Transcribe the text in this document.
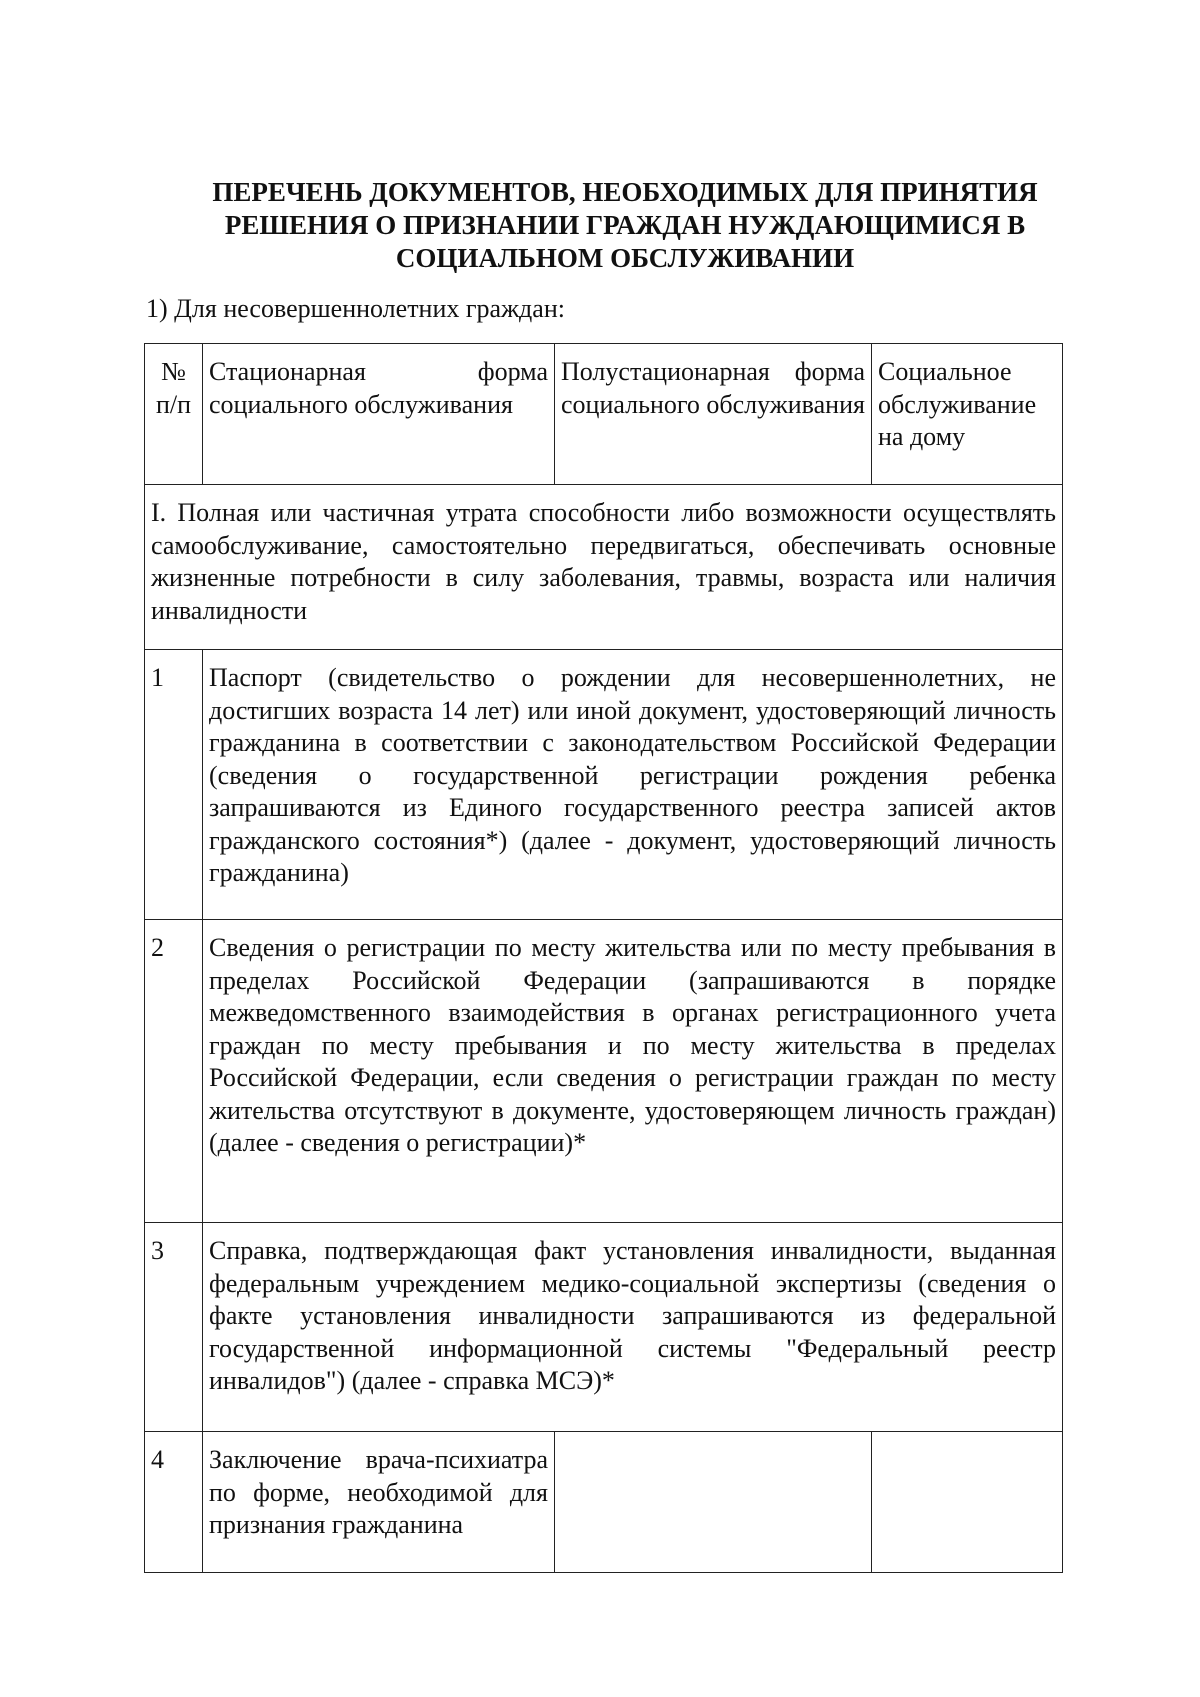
ПЕРЕЧЕНЬ ДОКУМЕНТОВ, НЕОБХОДИМЫХ ДЛЯ ПРИНЯТИЯ
РЕШЕНИЯ О ПРИЗНАНИИ ГРАЖДАН НУЖДАЮЩИМИСЯ В
СОЦИАЛЬНОМ ОБСЛУЖИВАНИИ
1) Для несовершеннолетних граждан:
№ п/п	Стационарная форма социального обслуживания	Полустационарная форма социального обслуживания	Социальное обслуживание на дому
I. Полная или частичная утрата способности либо возможности осуществлять самообслуживание, самостоятельно передвигаться, обеспечивать основные жизненные потребности в силу заболевания, травмы, возраста или наличия инвалидности			
1	Паспорт (свидетельство о рождении для несовершеннолетних, не достигших возраста 14 лет) или иной документ, удостоверяющий личность гражданина в соответствии с законодательством Российской Федерации (сведения о государственной регистрации рождения ребенка запрашиваются из Единого государственного реестра записей актов гражданского состояния*) (далее - документ, удостоверяющий личность гражданина)		
2	Сведения о регистрации по месту жительства или по месту пребывания в пределах Российской Федерации (запрашиваются в порядке межведомственного взаимодействия в органах регистрационного учета граждан по месту пребывания и по месту жительства в пределах Российской Федерации, если сведения о регистрации граждан по месту жительства отсутствуют в документе, удостоверяющем личность граждан) (далее - сведения о регистрации)*		
3	Справка, подтверждающая факт установления инвалидности, выданная федеральным учреждением медико-социальной экспертизы (сведения о факте установления инвалидности запрашиваются из федеральной государственной информационной системы "Федеральный реестр инвалидов") (далее - справка МСЭ)*		
4	Заключение врача-психиатра по форме, необходимой для признания гражданина		
